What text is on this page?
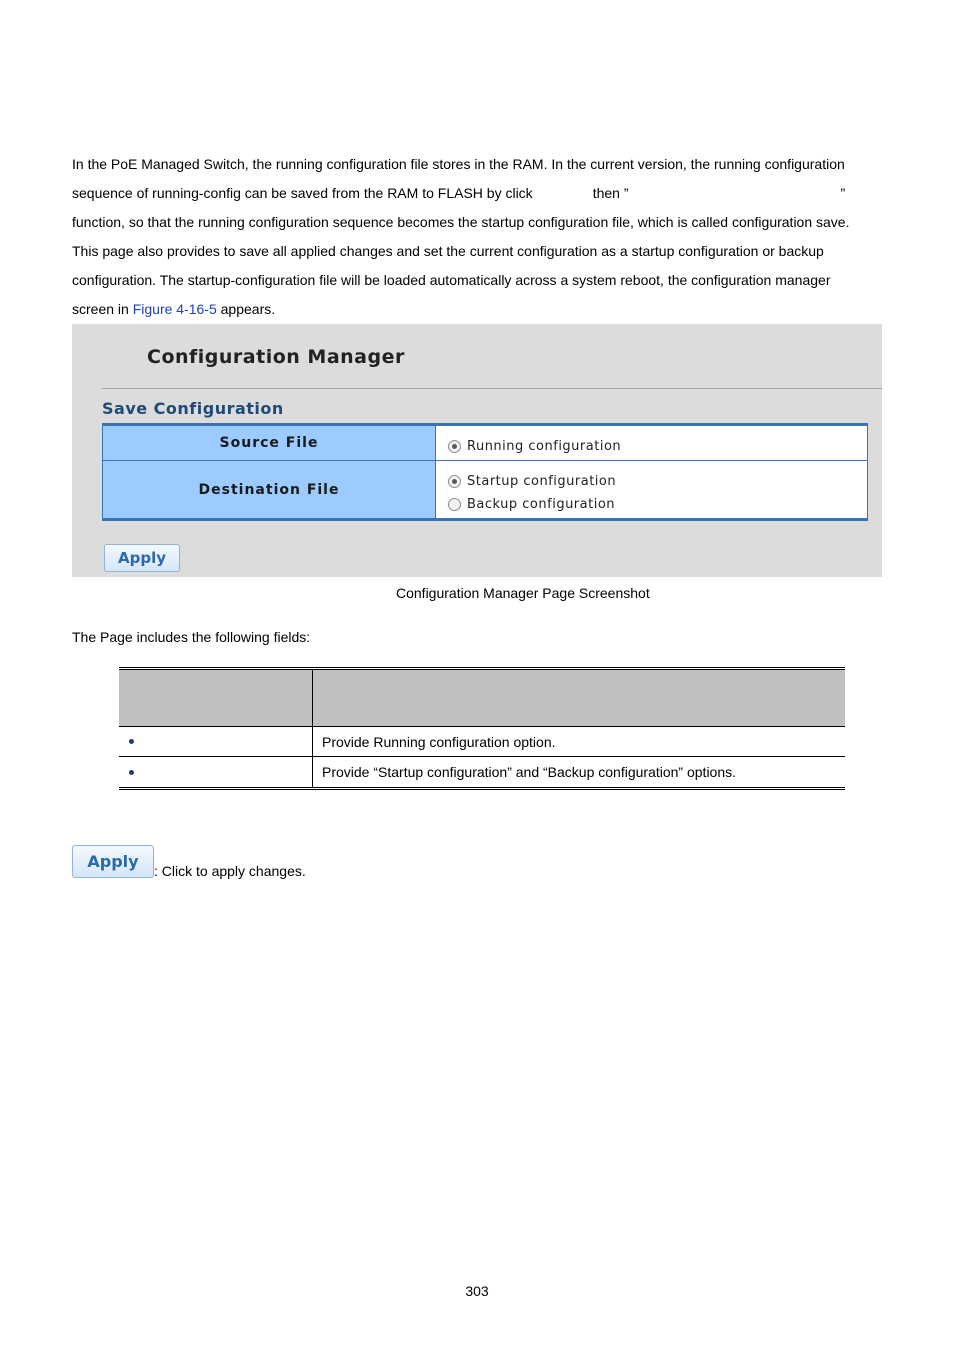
In the PoE Managed Switch, the running configuration file stores in the RAM. In the current version, the running configuration
sequence of running-config can be saved from the RAM to FLASH by click	then ”	”
function, so that the running configuration sequence becomes the startup configuration file, which is called configuration save.
This page also provides to save all applied changes and set the current configuration as a startup configuration or backup
configuration. The startup-configuration file will be loaded automatically across a system reboot, the configuration manager
screen in Figure 4-16-5 appears.
Configuration Manager
Save Configuration
Source File	Running configuration
Destination File	Startup configuration
Backup configuration
Apply
Configuration Manager Page Screenshot
The Page includes the following fields:
Provide Running configuration option.
Provide “Startup configuration” and “Backup configuration” options.
Apply	: Click to apply changes.
303
